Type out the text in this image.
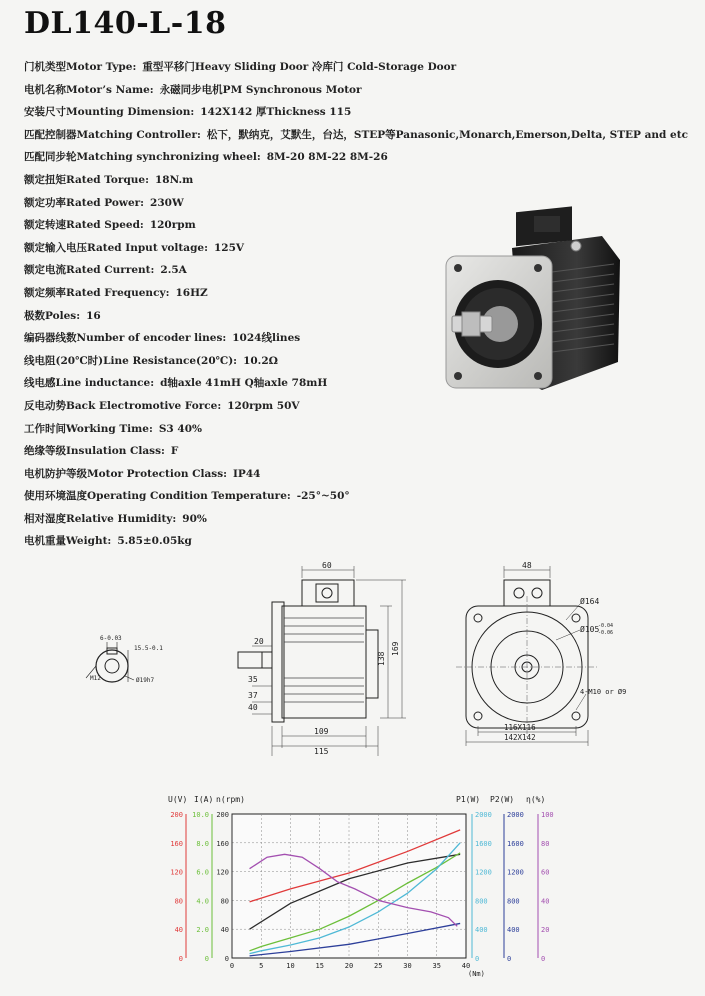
DL140-L-18
门机类型Motor Type: 重型平移门Heavy Sliding Door 冷库门 Cold-Storage Door
电机名称Motor’s Name: 永磁同步电机PM Synchronous Motor
安装尺寸Mounting Dimension: 142X142 厚Thickness 115
匹配控制器Matching Controller: 松下，默纳克，艾默生，台达，STEP等Panasonic,Monarch,Emerson,Delta, STEP and etc
匹配同步轮Matching synchronizing wheel: 8M-20 8M-22 8M-26
额定扭矩Rated Torque: 18N.m
额定功率Rated Power: 230W
额定转速Rated Speed: 120rpm
额定输入电压Rated Input voltage: 125V
额定电流Rated Current: 2.5A
额定频率Rated Frequency: 16HZ
极数Poles: 16
编码器线数Number of encoder lines: 1024线lines
线电阻(20℃时)Line Resistance(20℃): 10.2Ω
线电感Line inductance: d轴axle 41mH Q轴axle 78mH
反电动势Back Electromotive Force: 120rpm 50V
工作时间Working Time: S3 40%
绝缘等级Insulation Class: F
电机防护等级Motor Protection Class: IP44
使用环境温度Operating Condition Temperature: -25°~50°
相对湿度Relative Humidity: 90%
电机重量Weight: 5.85±0.05kg
6-0.03
15.5-0.1
M12	Ø19h7
60
20
35
37
40
138
169
109
115
48
Ø164
Ø105
-0.04
-0.06
4-M10 or Ø9
116X116
142X142
0	5	10	15	20	25	30	35	40
(Nm)
U(V)
0
40
80
120
160
200
I(A)
0
2.0
4.0
6.0
8.0
10.0
n(rpm)
0
40
80
120
160
200
P1(W)
0
400
800
1200
1600
2000
P2(W)
0
400
800
1200
1600
2000
η(%)
0
20
40
60
80
100
